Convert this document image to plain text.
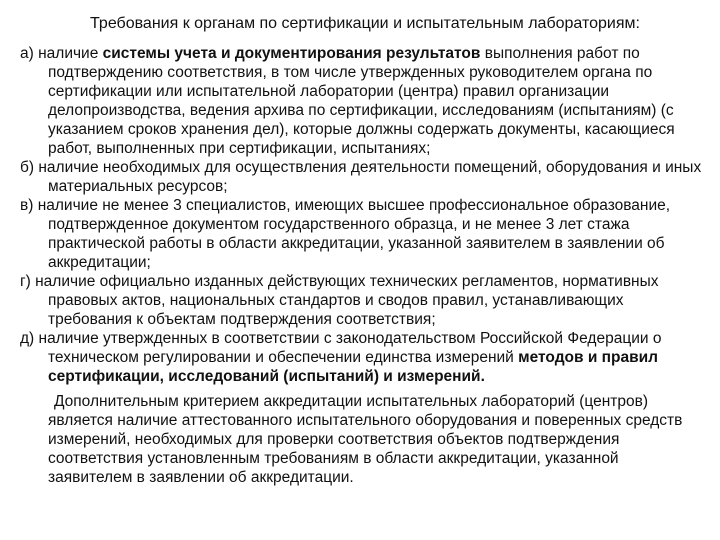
Требования к органам по сертификации и испытательным лабораториям:
а) наличие системы учета и документирования результатов выполнения работ по подтверждению соответствия, в том числе утвержденных руководителем органа по сертификации или испытательной лаборатории (центра) правил организации делопроизводства, ведения архива по сертификации, исследованиям (испытаниям) (с указанием сроков хранения дел), которые должны содержать документы, касающиеся работ, выполненных при сертификации, испытаниях;
б) наличие необходимых для осуществления деятельности помещений, оборудования и иных материальных ресурсов;
в) наличие не менее 3 специалистов, имеющих высшее профессиональное образование, подтвержденное документом государственного образца, и не менее 3 лет стажа практической работы в области аккредитации, указанной заявителем в заявлении об аккредитации;
г) наличие официально изданных действующих технических регламентов, нормативных правовых актов, национальных стандартов и сводов правил, устанавливающих требования к объектам подтверждения соответствия;
д) наличие утвержденных в соответствии с законодательством Российской Федерации о техническом регулировании и обеспечении единства измерений методов и правил сертификации, исследований (испытаний) и измерений.
Дополнительным критерием аккредитации испытательных лабораторий (центров) является наличие аттестованного испытательного оборудования и поверенных средств измерений, необходимых для проверки соответствия объектов подтверждения соответствия установленным требованиям в области аккредитации, указанной заявителем в заявлении об аккредитации.
